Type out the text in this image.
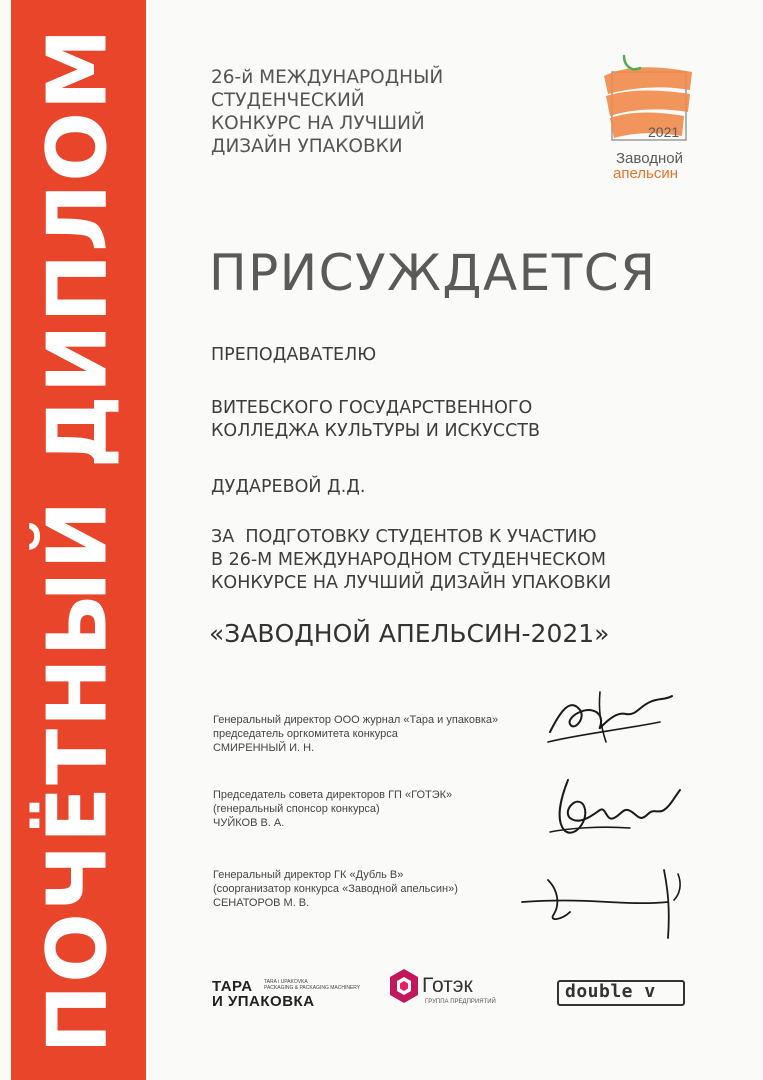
ПОЧЁТНЫЙ ДИПЛОМ	26-й МЕЖДУНАРОДНЫЙ
СТУДЕНЧЕСКИЙ
КОНКУРС НА ЛУЧШИЙ
ДИЗАЙН УПАКОВКИ
2021
Заводной
апельсин
ПРИСУЖДАЕТСЯ
ПРЕПОДАВАТЕЛЮ
ВИТЕБСКОГО ГОСУДАРСТВЕННОГО
КОЛЛЕДЖА КУЛЬТУРЫ И ИСКУССТВ
ДУДАРЕВОЙ Д.Д.
ЗА  ПОДГОТОВКУ СТУДЕНТОВ К УЧАСТИЮ
В 26-М МЕЖДУНАРОДНОМ СТУДЕНЧЕСКОМ
КОНКУРСЕ НА ЛУЧШИЙ ДИЗАЙН УПАКОВКИ
«ЗАВОДНОЙ АПЕЛЬСИН-2021»
Генеральный директор ООО журнал «Тара и упаковка»
председатель оргкомитета конкурса
СМИРЕННЫЙ И. Н.
Председатель совета директоров ГП «ГОТЭК»
(генеральный спонсор конкурса)
ЧУЙКОВ В. А.
Генеральный директор ГК «Дубль В»
(соорганизатор конкурса «Заводной апельсин»)
СЕНАТОРОВ М. В.
ТАРА
И УПАКОВКА
TARA i UPAKOVKA
PACKAGING & PACKAGING MACHINERY	Готэк
ГРУППА ПРЕДПРИЯТИЙ	double v
